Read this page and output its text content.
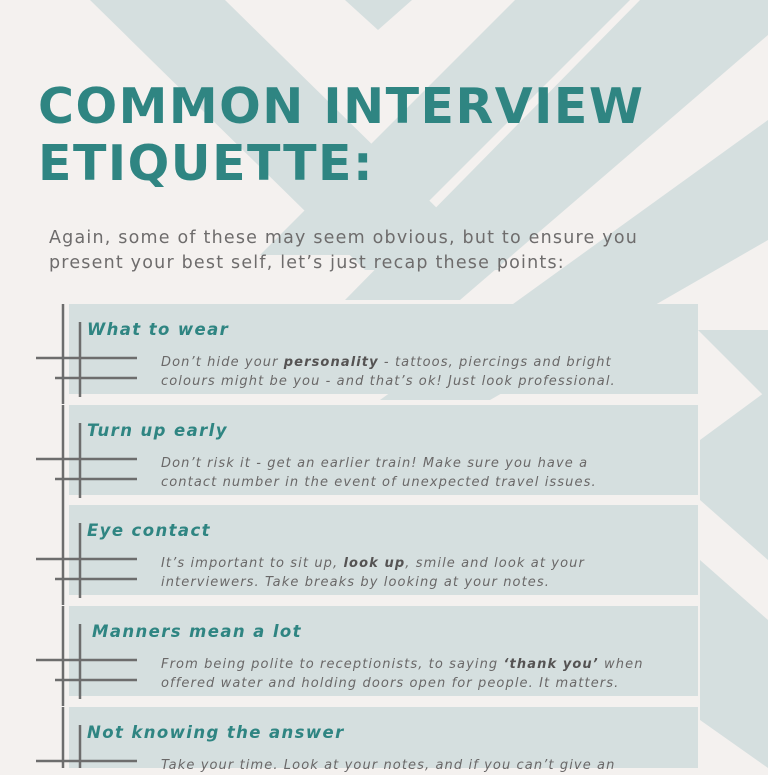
COMMON INTERVIEW
ETIQUETTE:

Again, some of these may seem obvious, but to ensure you
present your best self, let’s just recap these points:

What to wear

Don’t hide your personality - tattoos, piercings and bright
colours might be you - and that’s ok! Just look professional.

Turn up early

Don’t risk it - get an earlier train! Make sure you have a
contact number in the event of unexpected travel issues.

Eye contact

It’s important to sit up, look up, smile and look at your
interviewers. Take breaks by looking at your notes.

Manners mean a lot

From being polite to receptionists, to saying ‘thank you’ when
offered water and holding doors open for people. It matters.

Not knowing the answer

Take your time. Look at your notes, and if you can’t give an
